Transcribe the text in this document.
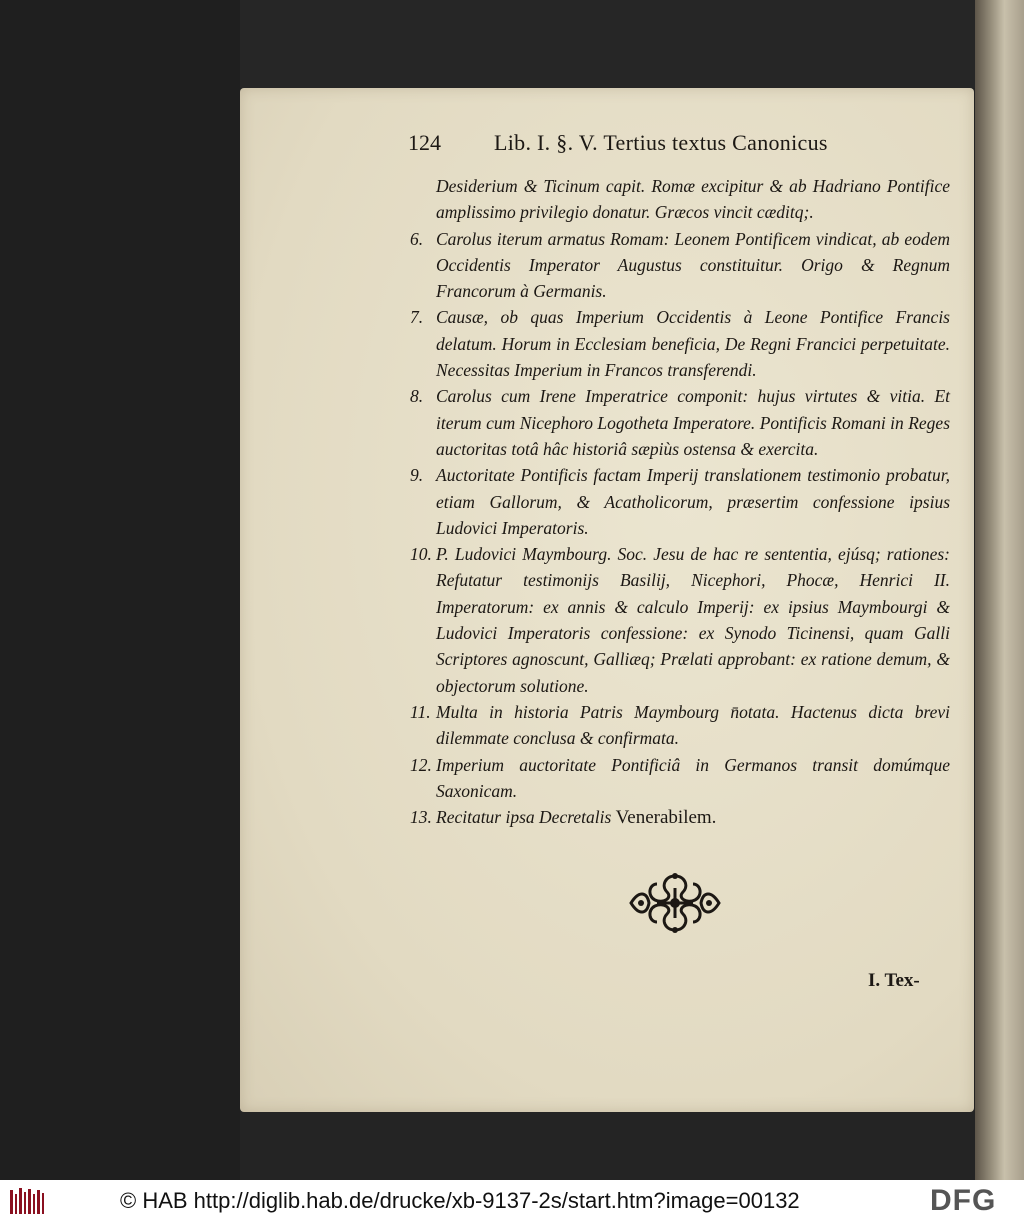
124 Lib. I. §. V. Tertius textus Canonicus
Desiderium & Ticinum capit. Romæ excipitur & ab Hadriano Pontifice amplissimo privilegio donatur. Græcos vincit cæditq;.
6. Carolus iterum armatus Romam: Leonem Pontificem vindicat, ab eodem Occidentis Imperator Augustus constituitur. Origo & Regnum Francorum à Germanis.
7. Causæ, ob quas Imperium Occidentis à Leone Pontifice Francis delatum. Horum in Ecclesiam beneficia, De Regni Francici perpetuitate. Necessitas Imperium in Francos transferendi.
8. Carolus cum Irene Imperatrice componit: hujus virtutes & vitia. Et iterum cum Nicephoro Logotheta Imperatore. Pontificis Romani in Reges auctoritas totâ hâc historiâ sæpiùs ostensa & exercita.
9. Auctoritate Pontificis factam Imperij translationem testimonio probatur, etiam Gallorum, & Acatholicorum, præsertim confessione ipsius Ludovici Imperatoris.
10. P. Ludovici Maymbourg. Soc. Jesu de hac re sententia, ejúsq; rationes: Refutatur testimonijs Basilij, Nicephori, Phocæ, Henrici II. Imperatorum: ex annis & calculo Imperij: ex ipsius Maymbourgi & Ludovici Imperatoris confessione: ex Synodo Ticinensi, quam Galli Scriptores agnoscunt, Galliæq; Prælati approbant: ex ratione demum, & objectorum solutione.
11. Multa in historia Patris Maymbourg n̄otata. Hactenus dicta brevi dilemmate conclusa & confirmata.
12. Imperium auctoritate Pontificiâ in Germanos transit domúmque Saxonicam.
13. Recitatur ipsa Decretalis Venerabilem.
I. Tex-
© HAB http://diglib.hab.de/drucke/xb-9137-2s/start.htm?image=00132	DFG
